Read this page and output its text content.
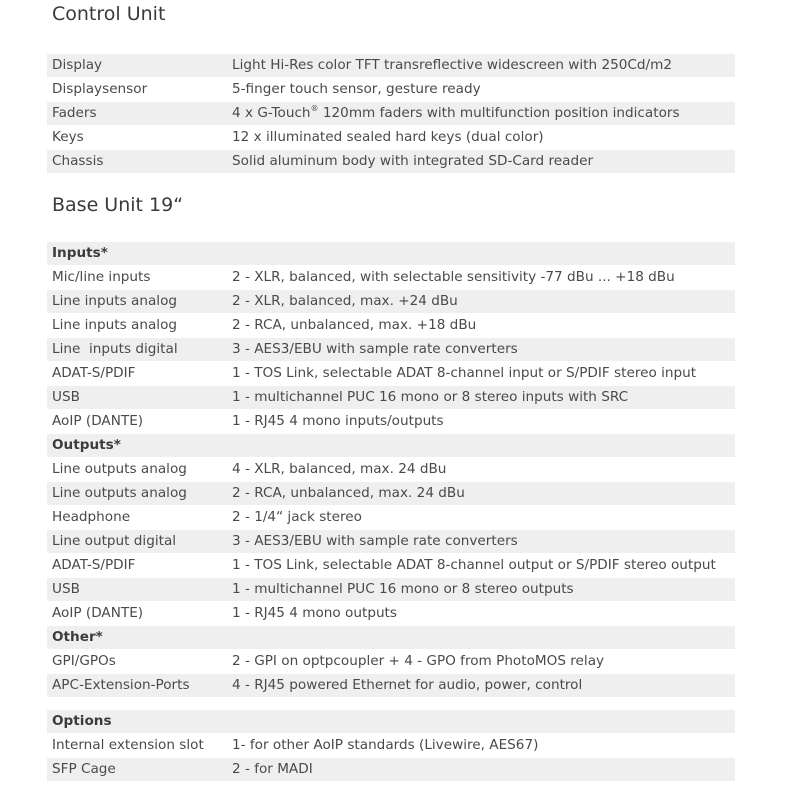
Control Unit
Display	Light Hi-Res color TFT transreflective widescreen with 250Cd/m2
Displaysensor	5-finger touch sensor, gesture ready
Faders	4 x G-Touch® 120mm faders with multifunction position indicators
Keys	12 x illuminated sealed hard keys (dual color)
Chassis	Solid aluminum body with integrated SD-Card reader
Base Unit 19“
Inputs*	
Mic/line inputs	2 - XLR, balanced, with selectable sensitivity -77 dBu ... +18 dBu
Line inputs analog	2 - XLR, balanced, max. +24 dBu
Line inputs analog	2 - RCA, unbalanced, max. +18 dBu
Line  inputs digital	3 - AES3/EBU with sample rate converters
ADAT-S/PDIF	1 - TOS Link, selectable ADAT 8-channel input or S/PDIF stereo input
USB	1 - multichannel PUC 16 mono or 8 stereo inputs with SRC
AoIP (DANTE)	1 - RJ45 4 mono inputs/outputs
Outputs*	
Line outputs analog	4 - XLR, balanced, max. 24 dBu
Line outputs analog	2 - RCA, unbalanced, max. 24 dBu
Headphone	2 - 1/4“ jack stereo
Line output digital	3 - AES3/EBU with sample rate converters
ADAT-S/PDIF	1 - TOS Link, selectable ADAT 8-channel output or S/PDIF stereo output
USB	1 - multichannel PUC 16 mono or 8 stereo outputs
AoIP (DANTE)	1 - RJ45 4 mono outputs
Other*	
GPI/GPOs	2 - GPI on optpcoupler + 4 - GPO from PhotoMOS relay
APC-Extension-Ports	4 - RJ45 powered Ethernet for audio, power, control
Options	
Internal extension slot	1- for other AoIP standards (Livewire, AES67)
SFP Cage	2 - for MADI
